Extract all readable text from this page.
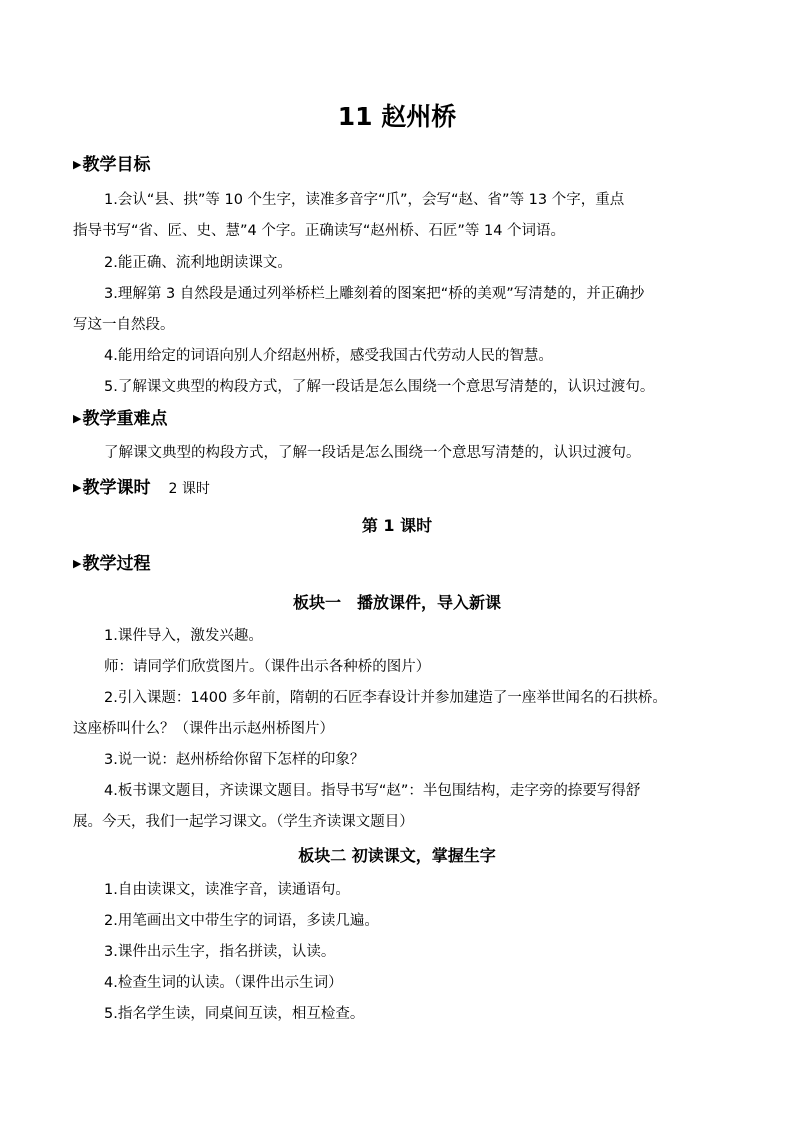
11 赵州桥
▶教学目标
1.会认“县、拱”等 10 个生字，读准多音字“爪”，会写“赵、省”等 13 个字，重点
指导书写“省、匠、史、慧”4 个字。正确读写“赵州桥、石匠”等 14 个词语。
2.能正确、流利地朗读课文。
3.理解第 3 自然段是通过列举桥栏上雕刻着的图案把“桥的美观”写清楚的，并正确抄
写这一自然段。
4.能用给定的词语向别人介绍赵州桥，感受我国古代劳动人民的智慧。
5.了解课文典型的构段方式，了解一段话是怎么围绕一个意思写清楚的，认识过渡句。
▶教学重难点
了解课文典型的构段方式，了解一段话是怎么围绕一个意思写清楚的，认识过渡句。
▶教学课时 2 课时
第 1 课时
▶教学过程
板块一　播放课件，导入新课
1.课件导入，激发兴趣。
师：请同学们欣赏图片。（课件出示各种桥的图片）
2.引入课题：1400 多年前，隋朝的石匠李春设计并参加建造了一座举世闻名的石拱桥。
这座桥叫什么？（课件出示赵州桥图片）
3.说一说：赵州桥给你留下怎样的印象？
4.板书课文题目，齐读课文题目。指导书写“赵”：半包围结构，走字旁的捺要写得舒
展。今天，我们一起学习课文。（学生齐读课文题目）
板块二 初读课文，掌握生字
1.自由读课文，读准字音，读通语句。
2.用笔画出文中带生字的词语，多读几遍。
3.课件出示生字，指名拼读，认读。
4.检查生词的认读。（课件出示生词）
5.指名学生读，同桌间互读，相互检查。
